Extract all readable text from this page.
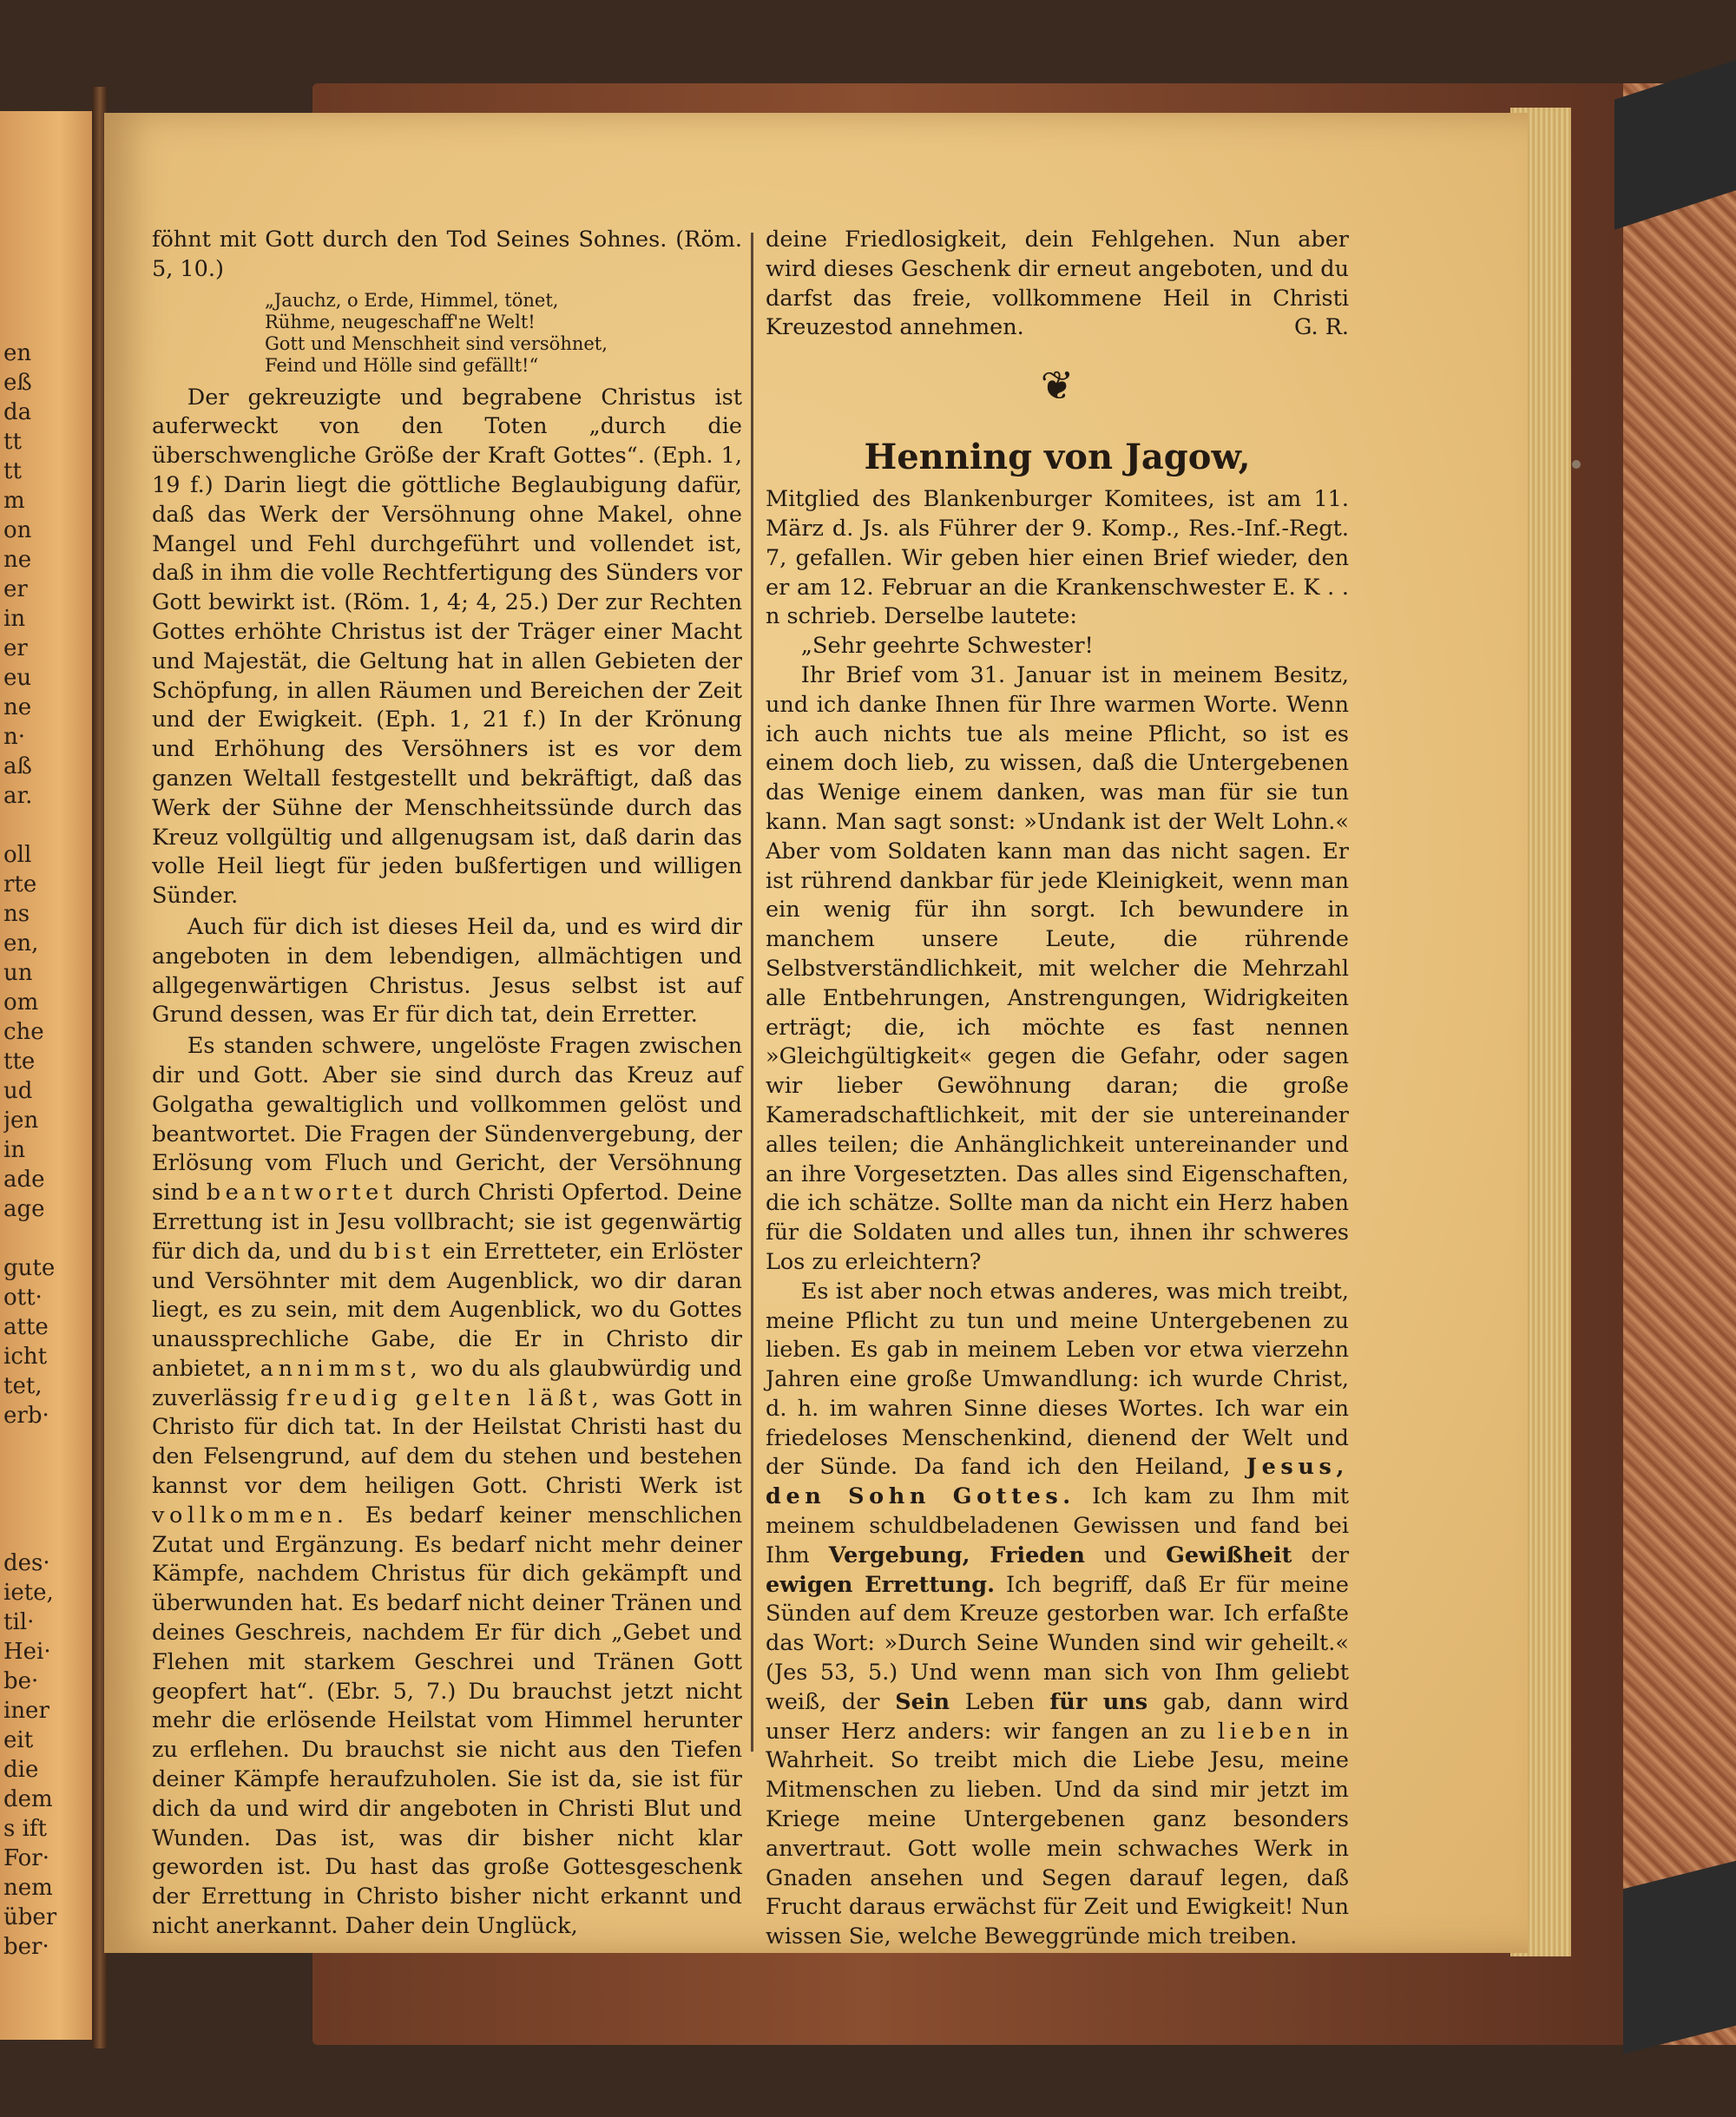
en
eß
da
tt
tt
m
on
ne
er
in
er
eu
ne
n·
aß
ar.
oll
rte
ns
en,
un
om
che
tte
ud
jen
in
ade
age
gute
ott·
atte
icht
tet,
erb·
des·
iete,
til·
Hei·
be·
iner
eit
die
dem
s ift
For·
nem
über
ber·

föhnt mit Gott durch den Tod Seines Sohnes. (Röm. 5, 10.)

„Jauchz, o Erde, Himmel, tönet,
Rühme, neugeschaff'ne Welt!
Gott und Menschheit sind versöhnet,
Feind und Hölle sind gefällt!“

Der gekreuzigte und begrabene Christus ist auferweckt von den Toten „durch die überschwengliche Größe der Kraft Gottes“. (Eph. 1, 19 f.) Darin liegt die göttliche Beglaubigung dafür, daß das Werk der Versöhnung ohne Makel, ohne Mangel und Fehl durchgeführt und vollendet ist, daß in ihm die volle Rechtfertigung des Sünders vor Gott bewirkt ist. (Röm. 1, 4; 4, 25.) Der zur Rechten Gottes erhöhte Christus ist der Träger einer Macht und Majestät, die Geltung hat in allen Gebieten der Schöpfung, in allen Räumen und Bereichen der Zeit und der Ewigkeit. (Eph. 1, 21 f.) In der Krönung und Erhöhung des Versöhners ist es vor dem ganzen Weltall festgestellt und bekräftigt, daß das Werk der Sühne der Menschheitssünde durch das Kreuz vollgültig und allgenugsam ist, daß darin das volle Heil liegt für jeden bußfertigen und willigen Sünder.

Auch für dich ist dieses Heil da, und es wird dir angeboten in dem lebendigen, allmächtigen und allgegenwärtigen Christus. Jesus selbst ist auf Grund dessen, was Er für dich tat, dein Erretter.

Es standen schwere, ungelöste Fragen zwischen dir und Gott. Aber sie sind durch das Kreuz auf Golgatha gewaltiglich und vollkommen gelöst und beantwortet. Die Fragen der Sündenvergebung, der Erlösung vom Fluch und Gericht, der Versöhnung sind beantwortet durch Christi Opfertod. Deine Errettung ist in Jesu vollbracht; sie ist gegenwärtig für dich da, und du bist ein Erretteter, ein Erlöster und Versöhnter mit dem Augenblick, wo dir daran liegt, es zu sein, mit dem Augenblick, wo du Gottes unaussprechliche Gabe, die Er in Christo dir anbietet, annimmst, wo du als glaubwürdig und zuverlässig freudig gelten läßt, was Gott in Christo für dich tat. In der Heilstat Christi hast du den Felsengrund, auf dem du stehen und bestehen kannst vor dem heiligen Gott. Christi Werk ist vollkommen. Es bedarf keiner menschlichen Zutat und Ergänzung. Es bedarf nicht mehr deiner Kämpfe, nachdem Christus für dich gekämpft und überwunden hat. Es bedarf nicht deiner Tränen und deines Geschreis, nachdem Er für dich „Gebet und Flehen mit starkem Geschrei und Tränen Gott geopfert hat“. (Ebr. 5, 7.) Du brauchst jetzt nicht mehr die erlösende Heilstat vom Himmel herunter zu erflehen. Du brauchst sie nicht aus den Tiefen deiner Kämpfe heraufzuholen. Sie ist da, sie ist für dich da und wird dir angeboten in Christi Blut und Wunden. Das ist, was dir bisher nicht klar geworden ist. Du hast das große Gottesgeschenk der Errettung in Christo bisher nicht erkannt und nicht anerkannt. Daher dein Unglück,

deine Friedlosigkeit, dein Fehlgehen. Nun aber wird dieses Geschenk dir erneut angeboten, und du darfst das freie, vollkommene Heil in Christi Kreuzestod annehmen.	G. R.

❦
Henning von Jagow,

Mitglied des Blankenburger Komitees, ist am 11. März d. Js. als Führer der 9. Komp., Res.-Inf.-Regt. 7, gefallen. Wir geben hier einen Brief wieder, den er am 12. Februar an die Krankenschwester E. K . . n schrieb. Derselbe lautete:

„Sehr geehrte Schwester!

Ihr Brief vom 31. Januar ist in meinem Besitz, und ich danke Ihnen für Ihre warmen Worte. Wenn ich auch nichts tue als meine Pflicht, so ist es einem doch lieb, zu wissen, daß die Untergebenen das Wenige einem danken, was man für sie tun kann. Man sagt sonst: »Undank ist der Welt Lohn.« Aber vom Soldaten kann man das nicht sagen. Er ist rührend dankbar für jede Kleinigkeit, wenn man ein wenig für ihn sorgt. Ich bewundere in manchem unsere Leute, die rührende Selbstverständlichkeit, mit welcher die Mehrzahl alle Entbehrungen, Anstrengungen, Widrigkeiten erträgt; die, ich möchte es fast nennen »Gleichgültigkeit« gegen die Gefahr, oder sagen wir lieber Gewöhnung daran; die große Kameradschaftlichkeit, mit der sie untereinander alles teilen; die Anhänglichkeit untereinander und an ihre Vorgesetzten. Das alles sind Eigenschaften, die ich schätze. Sollte man da nicht ein Herz haben für die Soldaten und alles tun, ihnen ihr schweres Los zu erleichtern?

Es ist aber noch etwas anderes, was mich treibt, meine Pflicht zu tun und meine Untergebenen zu lieben. Es gab in meinem Leben vor etwa vierzehn Jahren eine große Umwandlung: ich wurde Christ, d. h. im wahren Sinne dieses Wortes. Ich war ein friedeloses Menschenkind, dienend der Welt und der Sünde. Da fand ich den Heiland, Jesus, den Sohn Gottes. Ich kam zu Ihm mit meinem schuldbeladenen Gewissen und fand bei Ihm Vergebung, Frieden und Gewißheit der ewigen Errettung. Ich begriff, daß Er für meine Sünden auf dem Kreuze gestorben war. Ich erfaßte das Wort: »Durch Seine Wunden sind wir geheilt.« (Jes 53, 5.) Und wenn man sich von Ihm geliebt weiß, der Sein Leben für uns gab, dann wird unser Herz anders: wir fangen an zu lieben in Wahrheit. So treibt mich die Liebe Jesu, meine Mitmenschen zu lieben. Und da sind mir jetzt im Kriege meine Untergebenen ganz besonders anvertraut. Gott wolle mein schwaches Werk in Gnaden ansehen und Segen darauf legen, daß Frucht daraus erwächst für Zeit und Ewigkeit! Nun wissen Sie, welche Beweggründe mich treiben.
